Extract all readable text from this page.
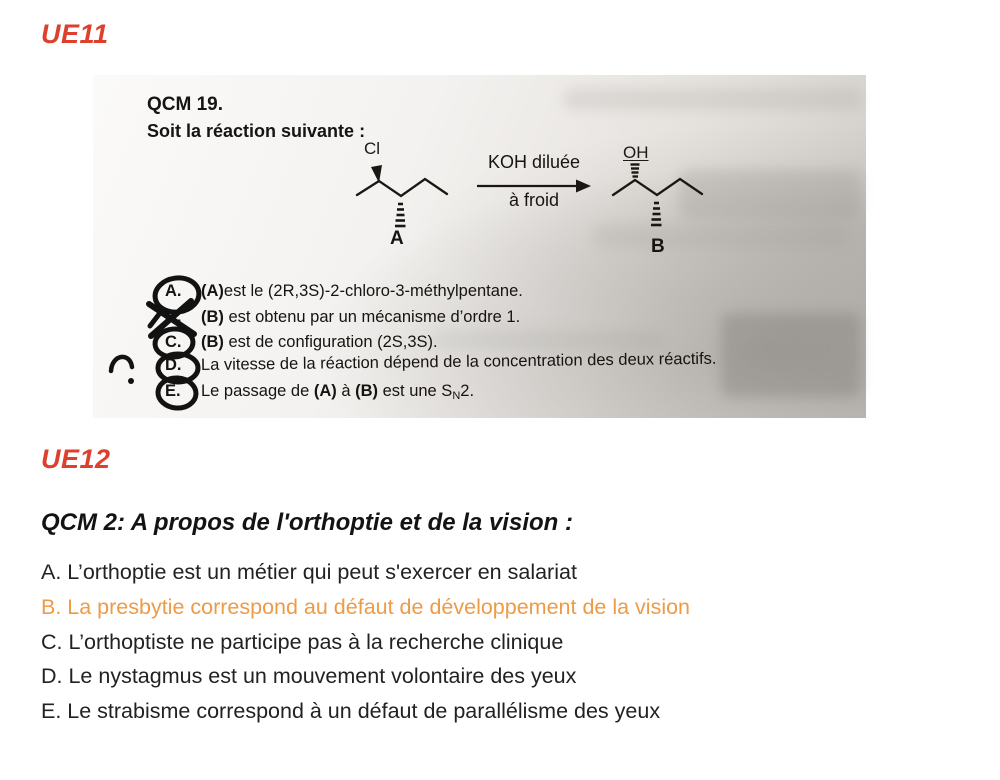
UE11
QCM 19.
Soit la réaction suivante :
Cl	OH
KOH diluée
à froid
A	B
A. (A)est le (2R,3S)-2-chloro-3-méthylpentane.
B. (B) est obtenu par un mécanisme d’ordre 1.
C. (B) est de configuration (2S,3S).
D. La vitesse de la réaction dépend de la concentration des deux réactifs.
E. Le passage de (A) à (B) est une SN2.
UE12
QCM 2: A propos de l'orthoptie et de la vision :
A. L’orthoptie est un métier qui peut s'exercer en salariat
B. La presbytie correspond au défaut de développement de la vision
C. L’orthoptiste ne participe pas à la recherche clinique
D. Le nystagmus est un mouvement volontaire des yeux
E. Le strabisme correspond à un défaut de parallélisme des yeux
